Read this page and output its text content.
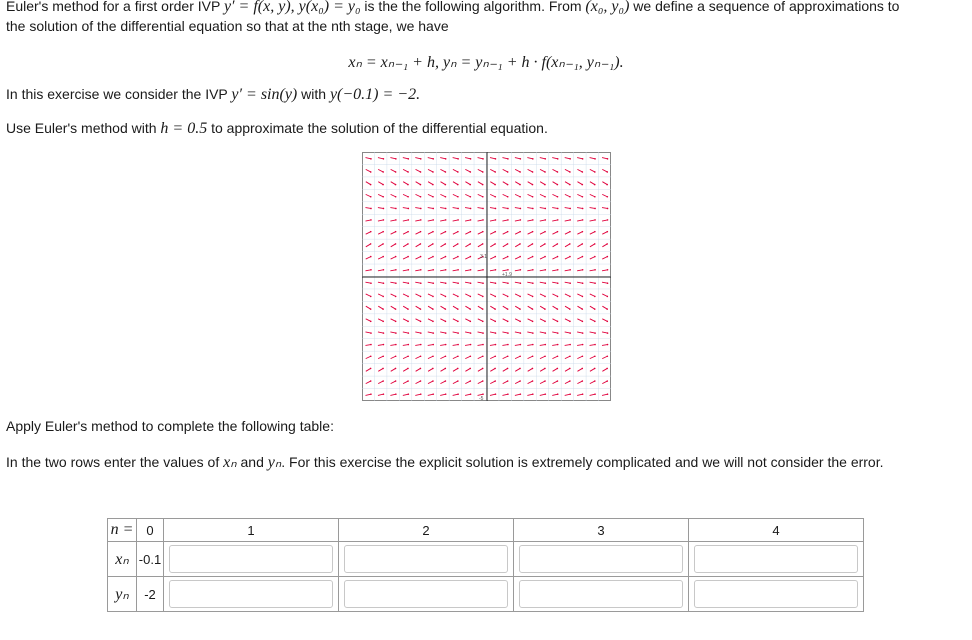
Euler's method for a first order IVP y′ = f(x, y), y(x₀) = y₀ is the the following algorithm. From (x₀, y₀) we define a sequence of approximations to
the solution of the differential equation so that at the nth stage, we have
xₙ = xₙ₋₁ + h, yₙ = yₙ₋₁ + h · f(xₙ₋₁, yₙ₋₁).
In this exercise we consider the IVP y′ = sin(y) with y(−0.1) = −2.
Use Euler's method with h = 0.5 to approximate the solution of the differential equation.
3.1
+1.9
-5
Apply Euler's method to complete the following table:
In the two rows enter the values of xₙ and yₙ. For this exercise the explicit solution is extremely complicated and we will not consider the error.
n =	0	1	2	3	4
xₙ	-0.1				
yₙ	-2				
